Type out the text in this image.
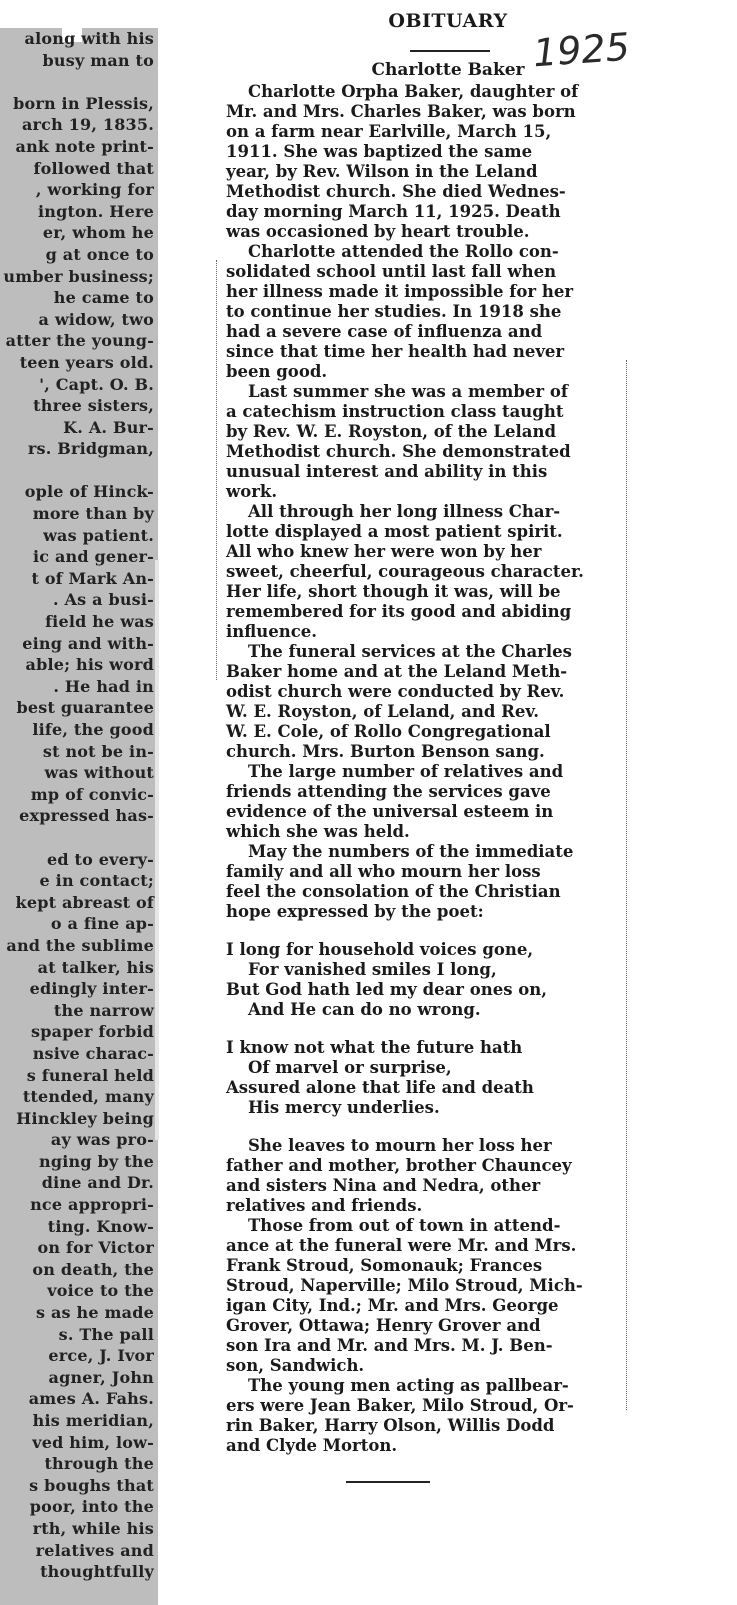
along with his
busy man to

born in Plessis,
arch 19, 1835.
ank note print-
followed that
, working for
ington. Here
er, whom he
g at once to
umber business;
he came to
a widow, two
atter the young-
teen years old.
', Capt. O. B.
three sisters,
K. A. Bur-
rs. Bridgman,

ople of Hinck-
more than by
was patient.
ic and gener-
t of Mark An-
. As a busi-
field he was
eing and with-
able; his word
. He had in
best guarantee
life, the good
st not be in-
was without
mp of convic-
expressed has-

ed to every-
e in contact;
kept abreast of
o a fine ap-
and the sublime
at talker, his
edingly inter-
the narrow
spaper forbid
nsive charac-
s funeral held
ttended, many
Hinckley being
ay was pro-
nging by the
dine and Dr.
nce appropri-
ting. Know-
on for Victor
on death, the
voice to the
s as he made
s. The pall
erce, J. Ivor
agner, John
ames A. Fahs.
his meridian,
ved him, low-
through the
s boughs that
poor, into the
rth, while his
relatives and
thoughtfully
OBITUARY
1925
Charlotte Baker
Charlotte Orpha Baker, daughter of
Mr. and Mrs. Charles Baker, was born
on a farm near Earlville, March 15,
1911. She was baptized the same
year, by Rev. Wilson in the Leland
Methodist church. She died Wednes-
day morning March 11, 1925. Death
was occasioned by heart trouble.
Charlotte attended the Rollo con-
solidated school until last fall when
her illness made it impossible for her
to continue her studies. In 1918 she
had a severe case of influenza and
since that time her health had never
been good.
Last summer she was a member of
a catechism instruction class taught
by Rev. W. E. Royston, of the Leland
Methodist church. She demonstrated
unusual interest and ability in this
work.
All through her long illness Char-
lotte displayed a most patient spirit.
All who knew her were won by her
sweet, cheerful, courageous character.
Her life, short though it was, will be
remembered for its good and abiding
influence.
The funeral services at the Charles
Baker home and at the Leland Meth-
odist church were conducted by Rev.
W. E. Royston, of Leland, and Rev.
W. E. Cole, of Rollo Congregational
church. Mrs. Burton Benson sang.
The large number of relatives and
friends attending the services gave
evidence of the universal esteem in
which she was held.
May the numbers of the immediate
family and all who mourn her loss
feel the consolation of the Christian
hope expressed by the poet:
I long for household voices gone,
For vanished smiles I long,
But God hath led my dear ones on,
And He can do no wrong.
I know not what the future hath
Of marvel or surprise,
Assured alone that life and death
His mercy underlies.
She leaves to mourn her loss her
father and mother, brother Chauncey
and sisters Nina and Nedra, other
relatives and friends.
Those from out of town in attend-
ance at the funeral were Mr. and Mrs.
Frank Stroud, Somonauk; Frances
Stroud, Naperville; Milo Stroud, Mich-
igan City, Ind.; Mr. and Mrs. George
Grover, Ottawa; Henry Grover and
son Ira and Mr. and Mrs. M. J. Ben-
son, Sandwich.
The young men acting as pallbear-
ers were Jean Baker, Milo Stroud, Or-
rin Baker, Harry Olson, Willis Dodd
and Clyde Morton.
